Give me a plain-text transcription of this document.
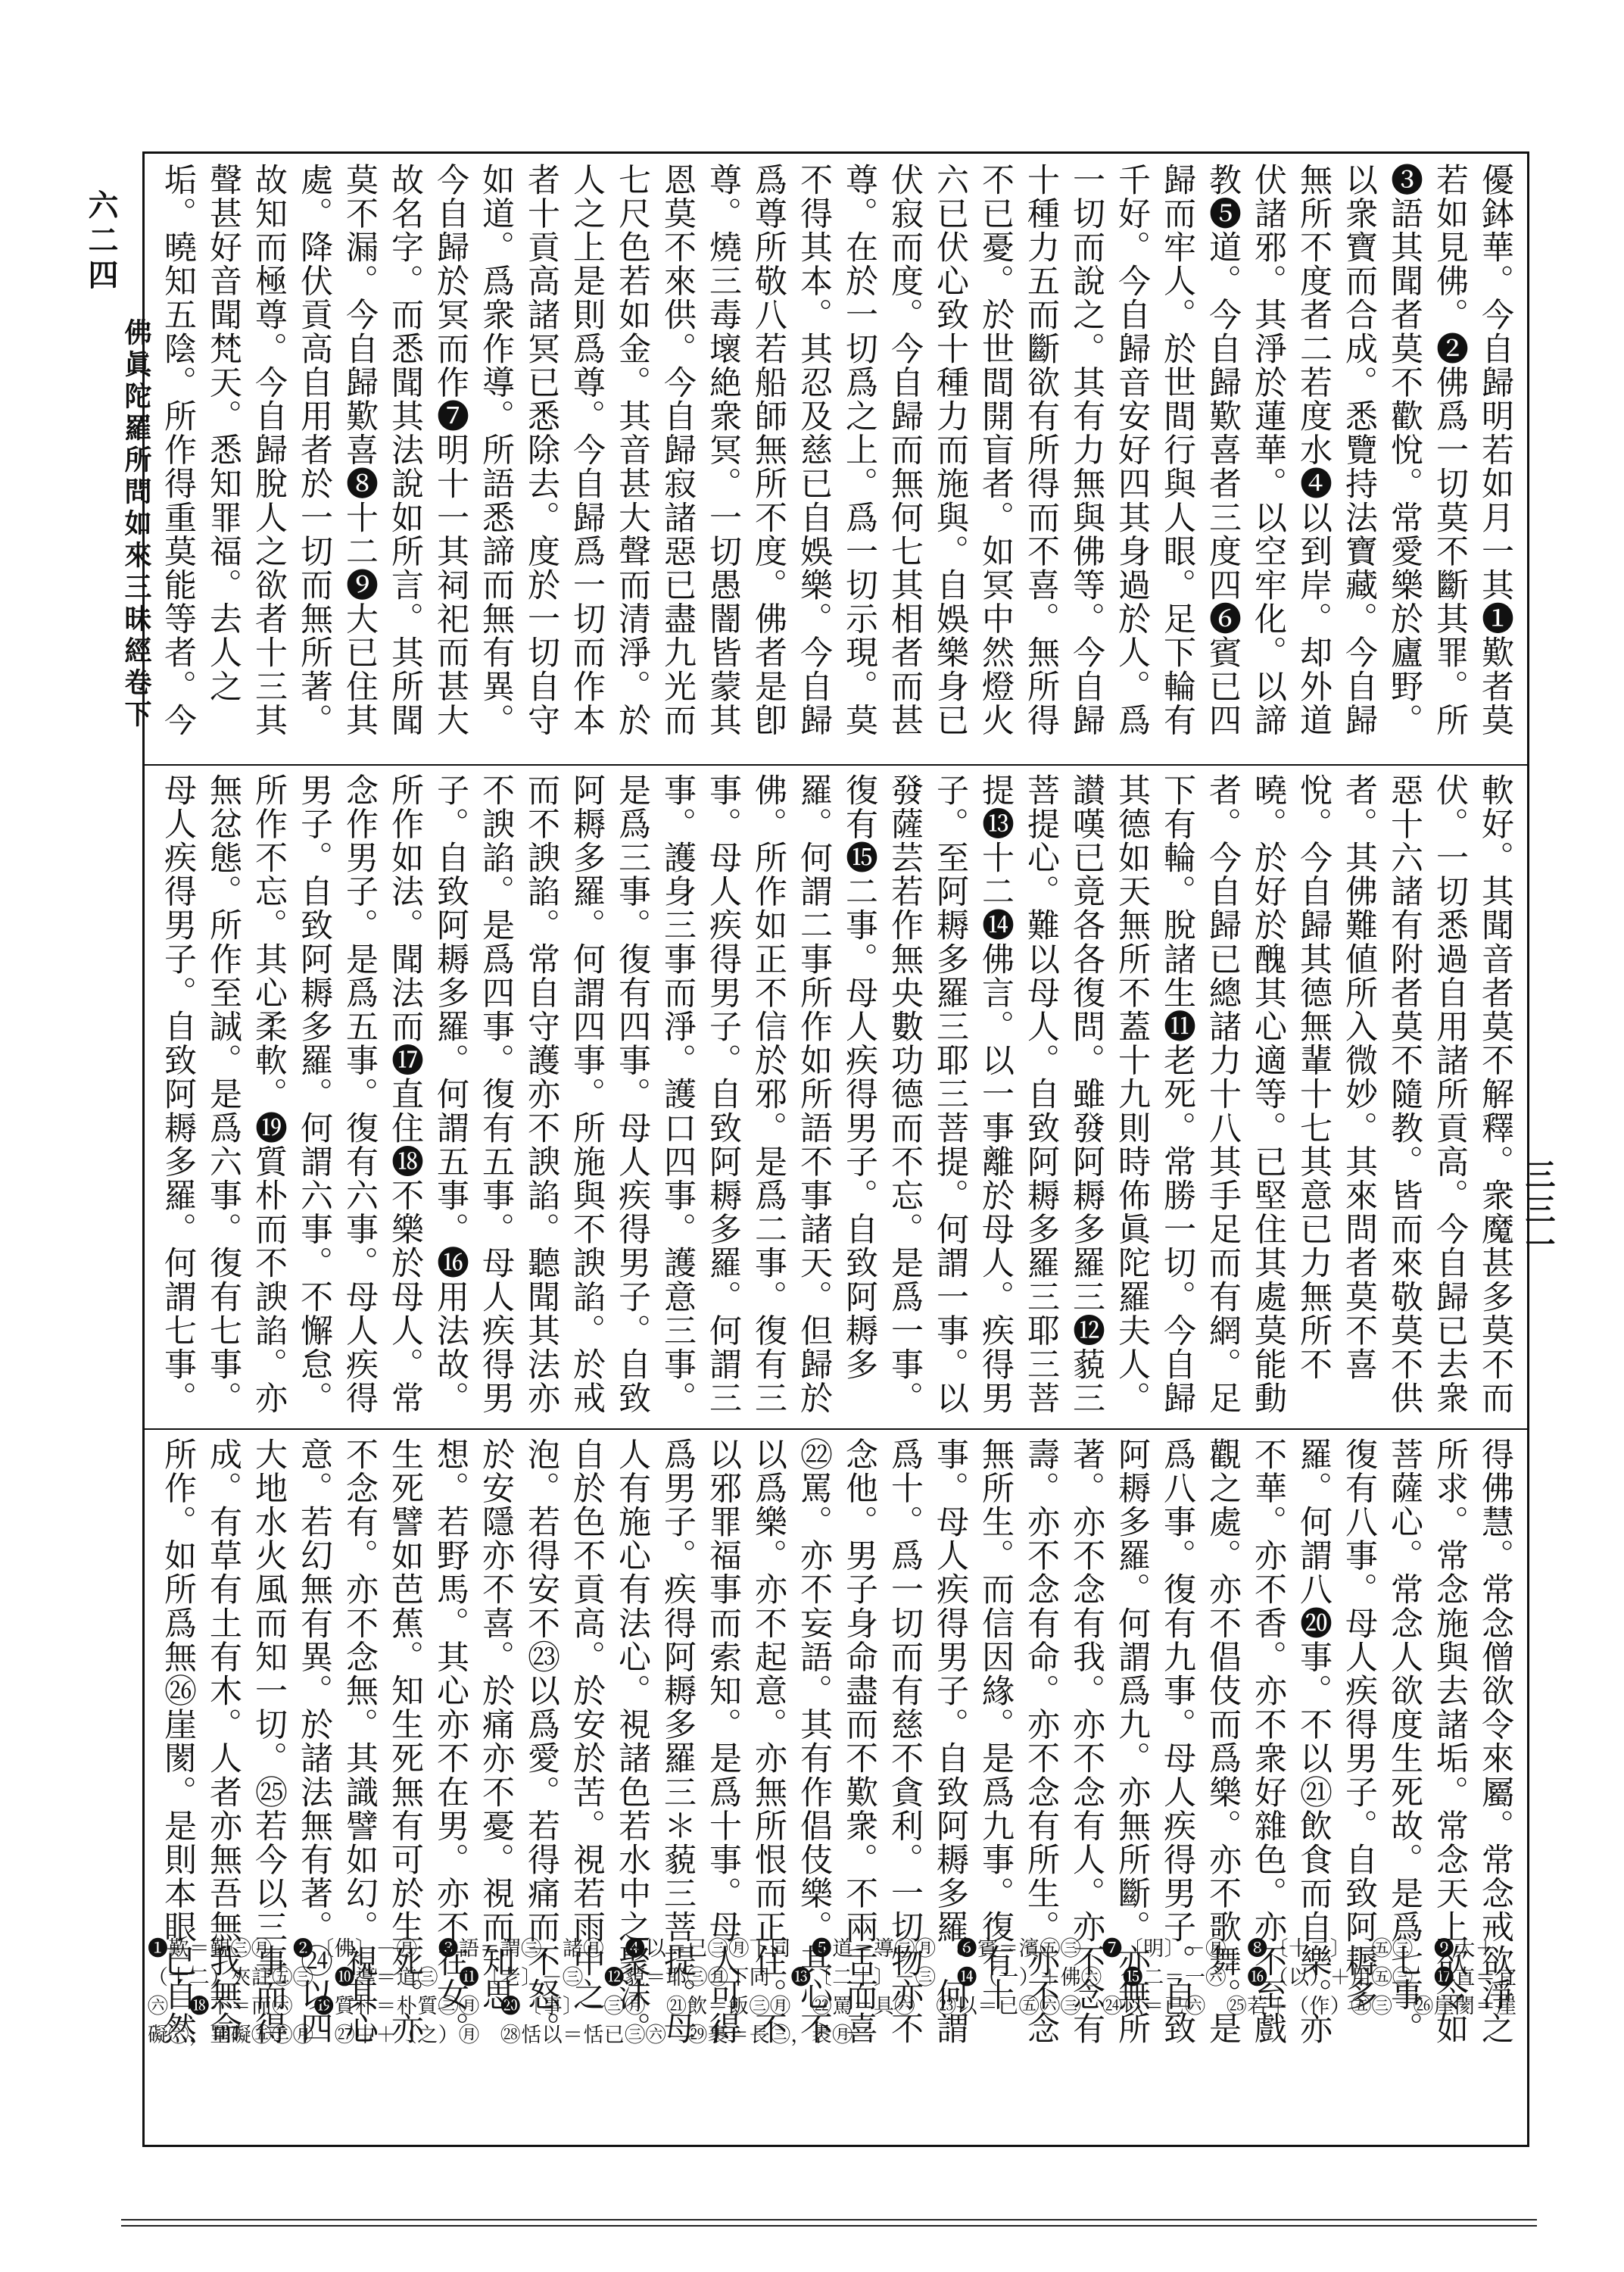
六二四
佛眞陀羅所問如來三昧經卷下
三三一
優鉢華。今自歸明若如月一其❶歎者莫若如見佛。❷佛爲一切莫不斷其罪。所❸語其聞者莫不歡悅。常愛樂於廬野。以衆寶而合成。悉覽持法寶藏。今自歸無所不度者二若度水❹以到岸。却外道伏諸邪。其淨於蓮華。以空牢化。以諦教❺道。今自歸歎喜者三度四❻賓已四歸而牢人。於世間行與人眼。足下輪有千好。今自歸音安好四其身過於人。爲一切而說之。其有力無與佛等。今自歸十種力五而斷欲有所得而不喜。無所得不已憂。於世間開盲者。如冥中然燈火六已伏心致十種力而施與。自娛樂身已伏寂而度。今自歸而無何七其相者而甚尊。在於一切爲之上。爲一切示現。莫不得其本。其忍及慈已自娛樂。今自歸爲尊所敬八若船師無所不度。佛者是卽尊。燒三毒壞絶衆冥。一切愚闇皆蒙其恩莫不來供。今自歸寂諸惡已盡九光而七尺色若如金。其音甚大聲而清淨。於人之上是則爲尊。今自歸爲一切而作本者十貢高諸冥已悉除去。度於一切自守如道。爲衆作導。所語悉諦而無有異。今自歸於冥而作❼明十一其祠祀而甚大故名字。而悉聞其法說如所言。其所聞莫不漏。今自歸歎喜❽十二❾大已住其處。降伏貢高自用者於一切而無所著。故知而極尊。今自歸脫人之欲者十三其聲甚好音聞梵天。悉知罪福。去人之垢。曉知五陰。所作得重莫能等者。今
軟好。其聞音者莫不解釋。衆魔甚多莫不而伏。一切悉過自用諸所貢高。今自歸已去衆惡十六諸有附者莫不隨教。皆而來敬莫不供者。其佛難値所入微妙。其來問者莫不喜悅。今自歸其德無輩十七其意已力無所不曉。於好於醜其心適等。已堅住其處莫能動者。今自歸已總諸力十八其手足而有網。足下有輪。脫諸生⓫老死。常勝一切。今自歸其德如天無所不蓋十九則時佈眞陀羅夫人。讃嘆已竟各各復問。雖發阿耨多羅三⓬藐三菩提心。難以母人。自致阿耨多羅三耶三菩提⓭十二⓮佛言。以一事離於母人。疾得男子。至阿耨多羅三耶三菩提。何謂一事。以發薩芸若作無央數功德而不忘。是爲一事。復有⓯二事。母人疾得男子。自致阿耨多羅。何謂二事所作如所語不事諸天。但歸於佛。所作如正不信於邪。是爲二事。復有三事。母人疾得男子。自致阿耨多羅。何謂三事。護身三事而淨。護口四事。護意三事。是爲三事。復有四事。母人疾得男子。自致阿耨多羅。何謂四事。所施與不諛諂。於戒而不諛諂。常自守護亦不諛諂。聽聞其法亦不諛諂。是爲四事。復有五事。母人疾得男子。自致阿耨多羅。何謂五事。⓰用法故。所作如法。聞法而⓱直住⓲不樂於母人。常念作男子。是爲五事。復有六事。母人疾得男子。自致阿耨多羅。何謂六事。不懈怠。所作不忘。其心柔軟。⓳質朴而不諛諂。亦無忿態。所作至誠。是爲六事。復有七事。母人疾得男子。自致阿耨多羅。何謂七事。
得佛慧。常念僧欲令來屬。常念戒欲淨之所求。常念施與去諸垢。常念天上欲令如菩薩心。常念人欲度生死故。是爲七事。復有八事。母人疾得男子。自致阿耨多羅。何謂八⓴事。不以㉑飲食而自樂。亦不華。亦不香。亦不衆好雜色。亦不至戲觀之處。亦不倡伎而爲樂。亦不歌舞。是爲八事。復有九事。母人疾得男子。自致阿耨多羅。何謂爲九。亦無所斷。亦無所著。亦不念有我。亦不念有人。亦不念有壽。亦不念有命。亦不念有所生。亦不念無所生。而信因緣。是爲九事。復有十事。母人疾得男子。自致阿耨多羅。何謂爲十。爲一切而有慈不貪利。一切物亦不念他。男子身命盡而不歎衆。不兩舌而喜㉒罵。亦不妄語。其有作倡伎樂。其心不以爲樂。亦不起意。亦無所恨而正住。不以邪罪福事而索知。是爲十事。母人可得爲男子。疾得阿耨多羅三＊藐三菩提。母人有施心有法心。視諸色若水中之聚沫。自於色不貢高。於安於苦。視若雨中之泡。若得安不㉓以爲愛。若得痛而不怒。於安隱亦不喜。於痛亦不憂。視而知思想。若野馬。其心亦不在男。亦不在女。生死譬如芭蕉。知生死無有可於生死。亦不念有。亦不念無。其識譬如幻。視其心意。若幻無有異。於諸法無有著。㉔以四大地水火風而知一切。㉕若今以三事而得成。有草有土有木。人者亦無吾無我無命所作。如所爲無㉖崖閡。是則本眼已自然
❶歎＝覲㊂㊊　❷〔佛〕－㊊　❸語＝謂㊂，諸㊊　❹以＝已㊂㊊下同　❺道＝導㊂㊊　❻賓＝濱㊄㊂　❼〔明〕－㊊　❽〔十二〕－㊄㊂　❾大＋（十二）夾註㊄㊂　❿導＝道㊂　⓫〔老〕－㊂　⓬藐＝耶㊂㊊下同　⓭〔二十〕－㊂　⓮（一）＋佛㊅　⓯二＝一㊅　⓰（以）＋用㊄㊂　⓱直＝宜㊅　⓲不＝而㊅　⓳質朴＝朴質㊂㊊　⓴〔事〕－㊂㊊　㉑飲＝飯㊂㊊　㉒罵＝具㊅　㉓以＝已㊄㊅㊂　㉔以＝已㊅　㉕若＋（作）㊄㊂　㉖崖閡＝崖礙㊅，罣礙㊄㊂㊊　㉗中＋（之）㊊　㉘恬以＝恬已㊂㊅　㉙裹＝長㊂，褁㊊
